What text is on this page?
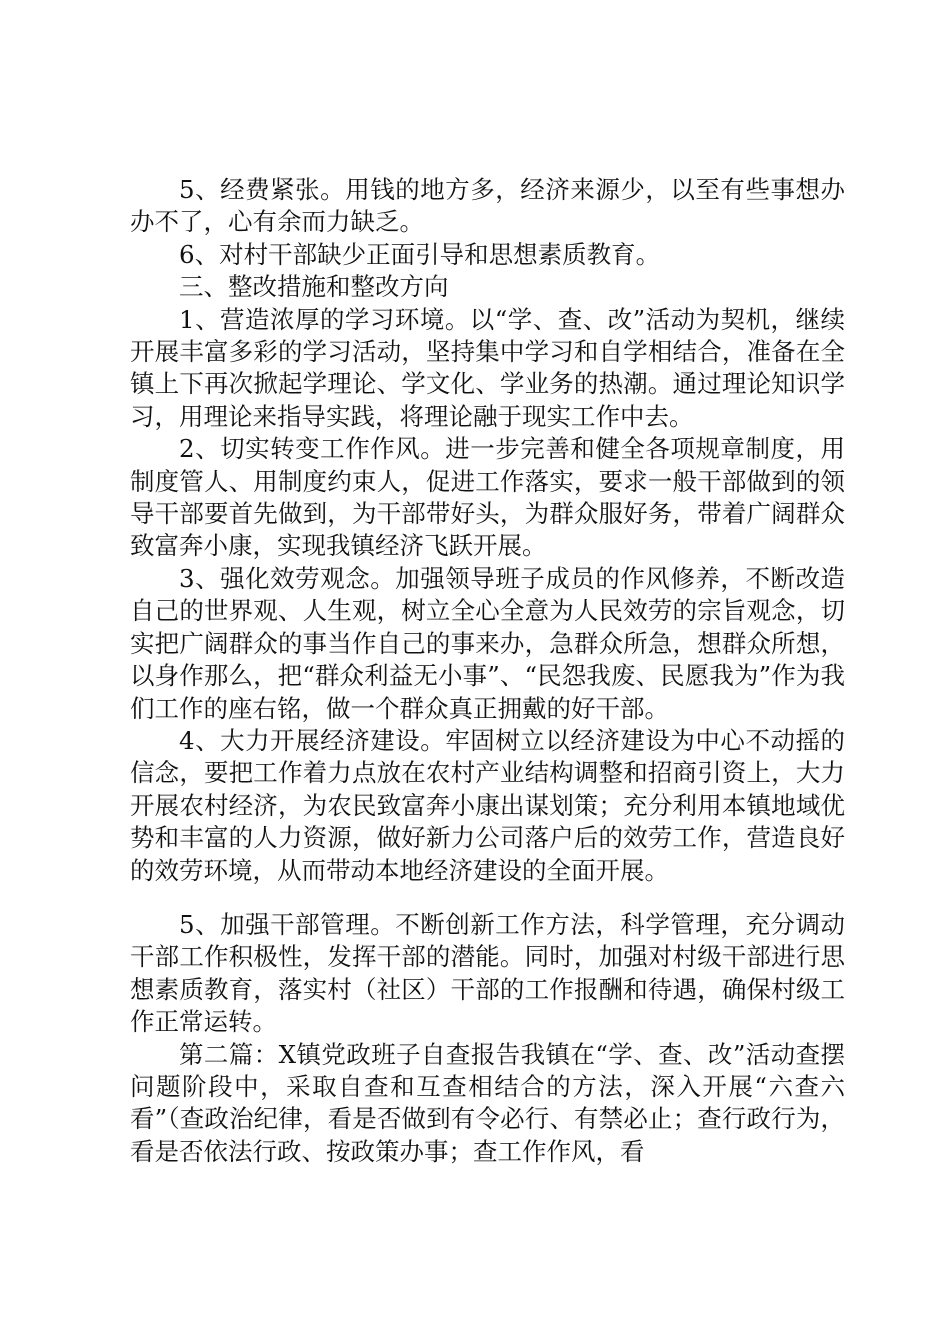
5、经费紧张。用钱的地方多，经济来源少，以至有些事想办办不了，心有余而力缺乏。

6、对村干部缺少正面引导和思想素质教育。

三、整改措施和整改方向

1、营造浓厚的学习环境。以“学、查、改”活动为契机，继续开展丰富多彩的学习活动，坚持集中学习和自学相结合，准备在全镇上下再次掀起学理论、学文化、学业务的热潮。通过理论知识学习，用理论来指导实践，将理论融于现实工作中去。

2、切实转变工作作风。进一步完善和健全各项规章制度，用制度管人、用制度约束人，促进工作落实，要求一般干部做到的领导干部要首先做到，为干部带好头，为群众服好务，带着广阔群众致富奔小康，实现我镇经济飞跃开展。

3、强化效劳观念。加强领导班子成员的作风修养，不断改造自己的世界观、人生观，树立全心全意为人民效劳的宗旨观念，切实把广阔群众的事当作自己的事来办，急群众所急，想群众所想，以身作那么，把“群众利益无小事”、“民怨我废、民愿我为”作为我们工作的座右铭，做一个群众真正拥戴的好干部。

4、大力开展经济建设。牢固树立以经济建设为中心不动摇的信念，要把工作着力点放在农村产业结构调整和招商引资上，大力开展农村经济，为农民致富奔小康出谋划策；充分利用本镇地域优势和丰富的人力资源，做好新力公司落户后的效劳工作，营造良好的效劳环境，从而带动本地经济建设的全面开展。

5、加强干部管理。不断创新工作方法，科学管理，充分调动干部工作积极性，发挥干部的潜能。同时，加强对村级干部进行思想素质教育，落实村（社区）干部的工作报酬和待遇，确保村级工作正常运转。

第二篇：X镇党政班子自查报告我镇在“学、查、改”活动查摆问题阶段中，采取自查和互查相结合的方法，深入开展“六查六看”（查政治纪律，看是否做到有令必行、有禁必止；查行政行为，看是否依法行政、按政策办事；查工作作风，看
